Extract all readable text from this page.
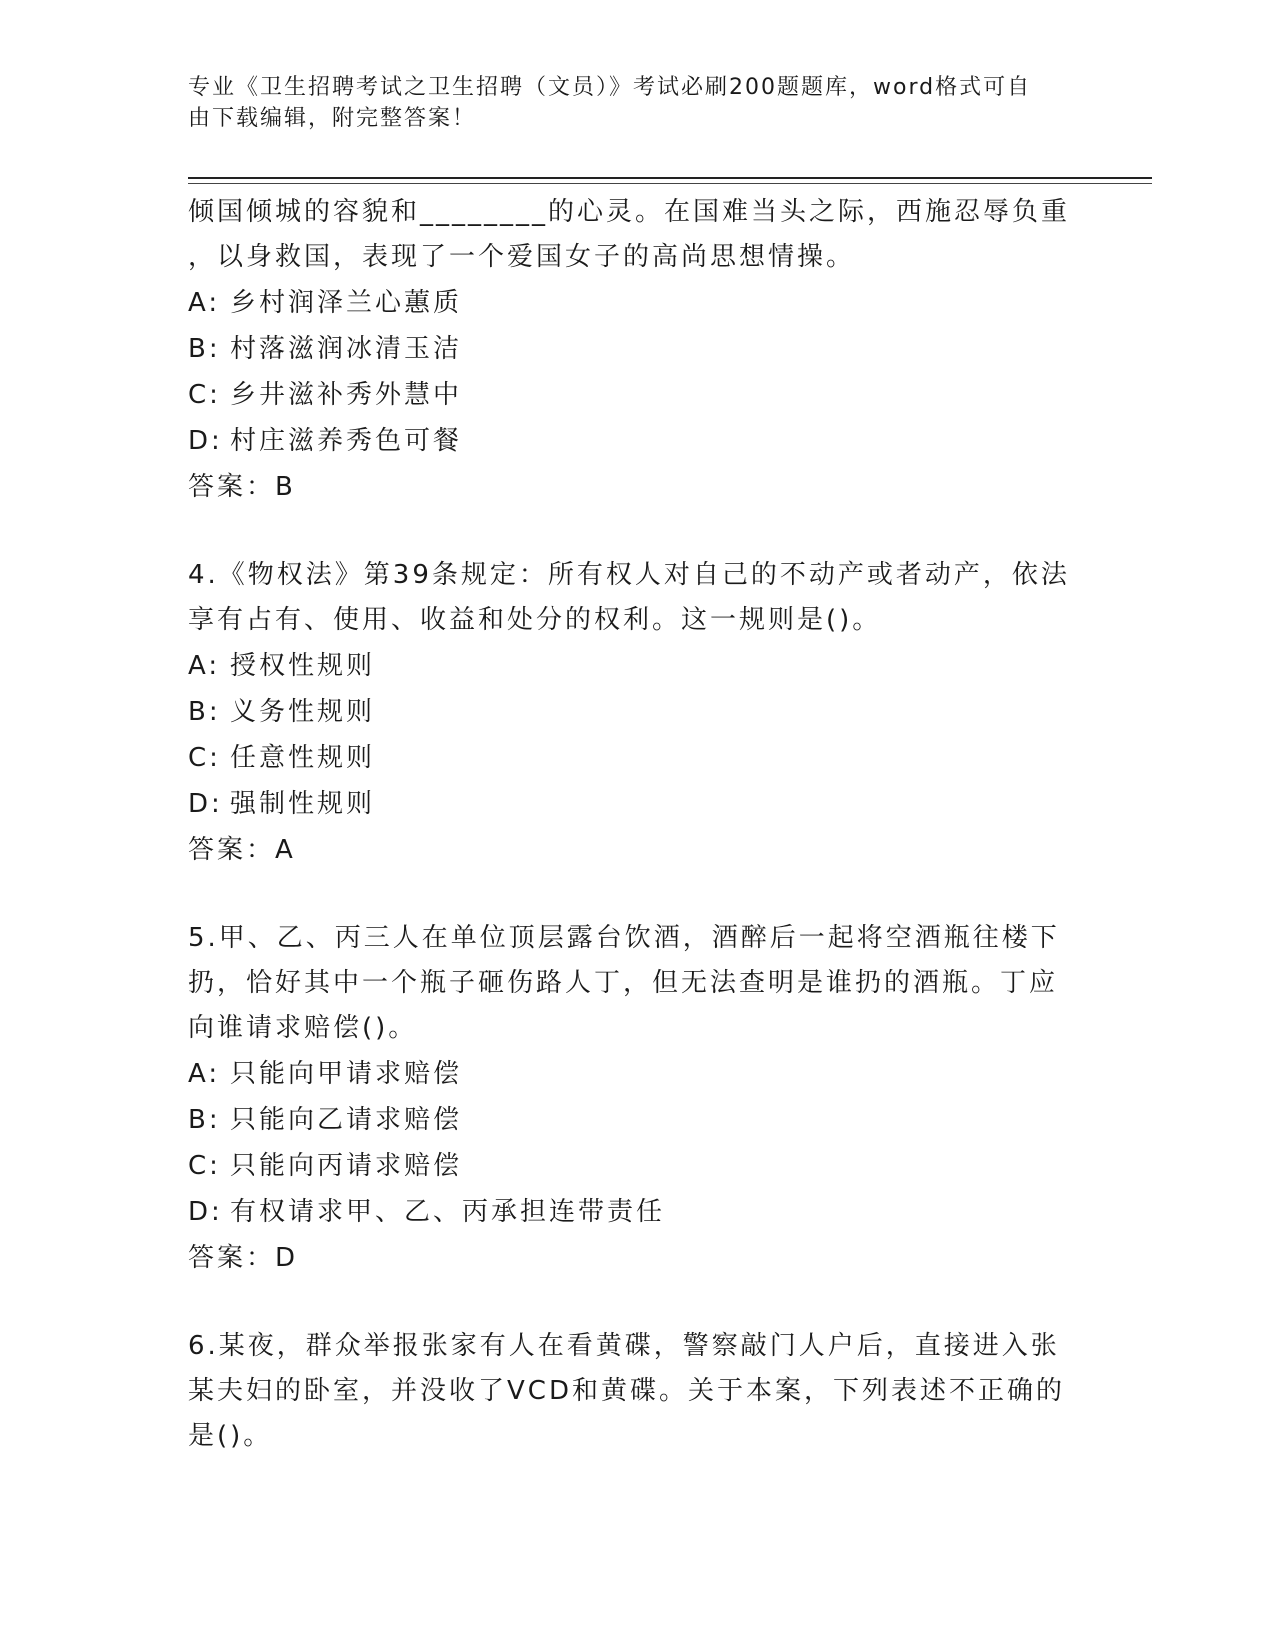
专业《卫生招聘考试之卫生招聘（文员）》考试必刷200题题库，word格式可自
由下载编辑，附完整答案！
倾国倾城的容貌和________的心灵。在国难当头之际，西施忍辱负重
，以身救国，表现了一个爱国女子的高尚思想情操。
A: 乡村润泽兰心蕙质
B: 村落滋润冰清玉洁
C: 乡井滋补秀外慧中
D: 村庄滋养秀色可餐
答案：B
4.《物权法》第39条规定：所有权人对自己的不动产或者动产，依法
享有占有、使用、收益和处分的权利。这一规则是()。
A: 授权性规则
B: 义务性规则
C: 任意性规则
D: 强制性规则
答案：A
5.甲、乙、丙三人在单位顶层露台饮酒，酒醉后一起将空酒瓶往楼下
扔，恰好其中一个瓶子砸伤路人丁，但无法查明是谁扔的酒瓶。丁应
向谁请求赔偿()。
A: 只能向甲请求赔偿
B: 只能向乙请求赔偿
C: 只能向丙请求赔偿
D: 有权请求甲、乙、丙承担连带责任
答案：D
6.某夜，群众举报张家有人在看黄碟，警察敲门人户后，直接进入张
某夫妇的卧室，并没收了VCD和黄碟。关于本案，下列表述不正确的
是()。
